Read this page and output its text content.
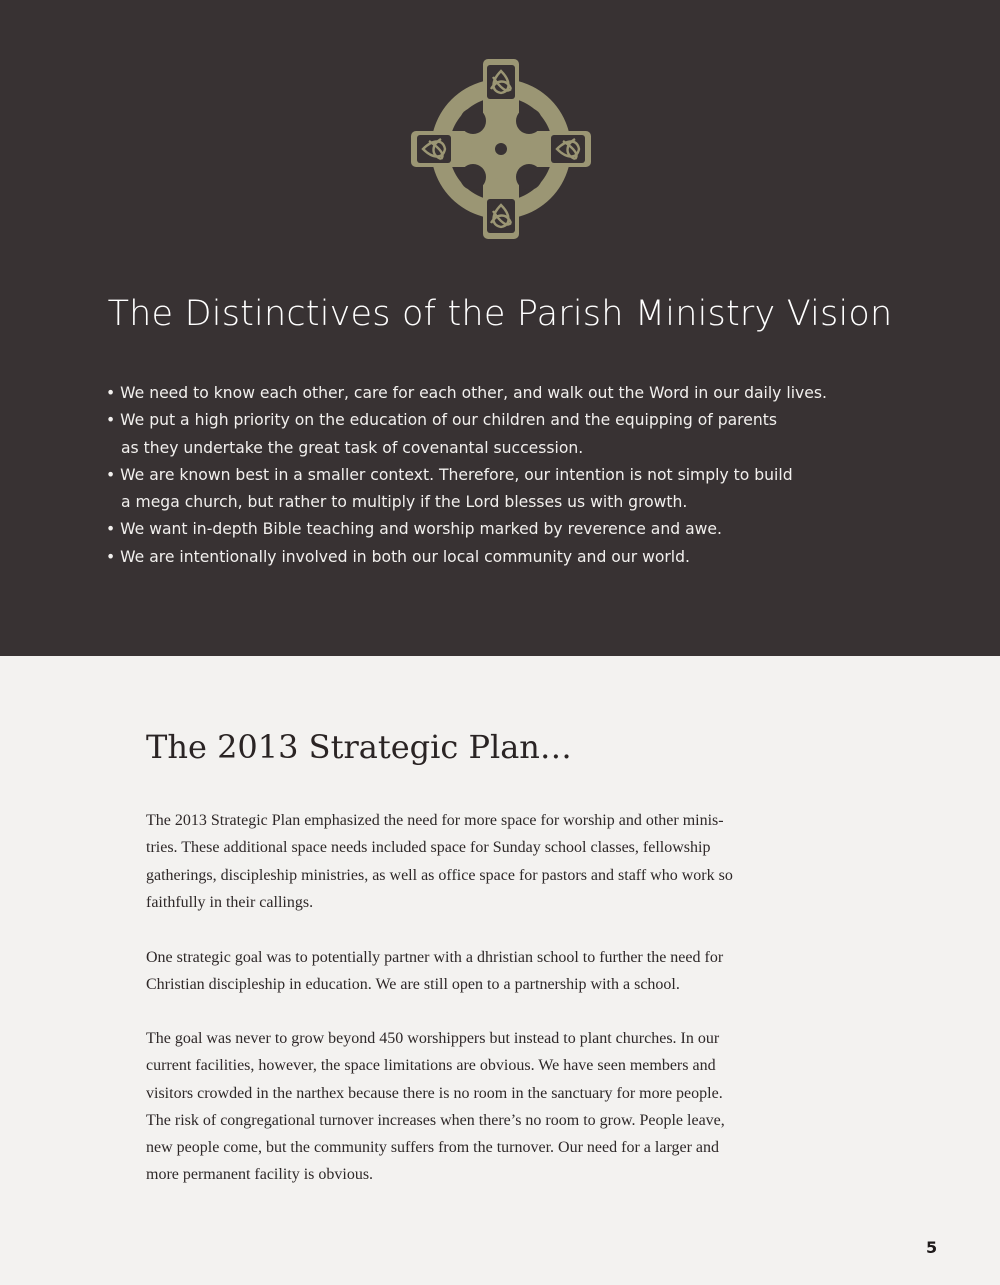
The Distinctives of the Parish Ministry Vision
• We need to know each other, care for each other, and walk out the Word in our daily lives.
• We put a high priority on the education of our children and the equipping of parents
as they undertake the great task of covenantal succession.
• We are known best in a smaller context. Therefore, our intention is not simply to build
a mega church, but rather to multiply if the Lord blesses us with growth.
• We want in-depth Bible teaching and worship marked by reverence and awe.
• We are intentionally involved in both our local community and our world.
The 2013 Strategic Plan…

The 2013 Strategic Plan emphasized the need for more space for worship and other minis-
tries. These additional space needs included space for Sunday school classes, fellowship
gatherings, discipleship ministries, as well as office space for pastors and staff who work so
faithfully in their callings.

One strategic goal was to potentially partner with a dhristian school to further the need for
Christian discipleship in education. We are still open to a partnership with a school.

The goal was never to grow beyond 450 worshippers but instead to plant churches. In our
current facilities, however, the space limitations are obvious. We have seen members and
visitors crowded in the narthex because there is no room in the sanctuary for more people.
The risk of congregational turnover increases when there’s no room to grow. People leave,
new people come, but the community suffers from the turnover. Our need for a larger and
more permanent facility is obvious.

5
